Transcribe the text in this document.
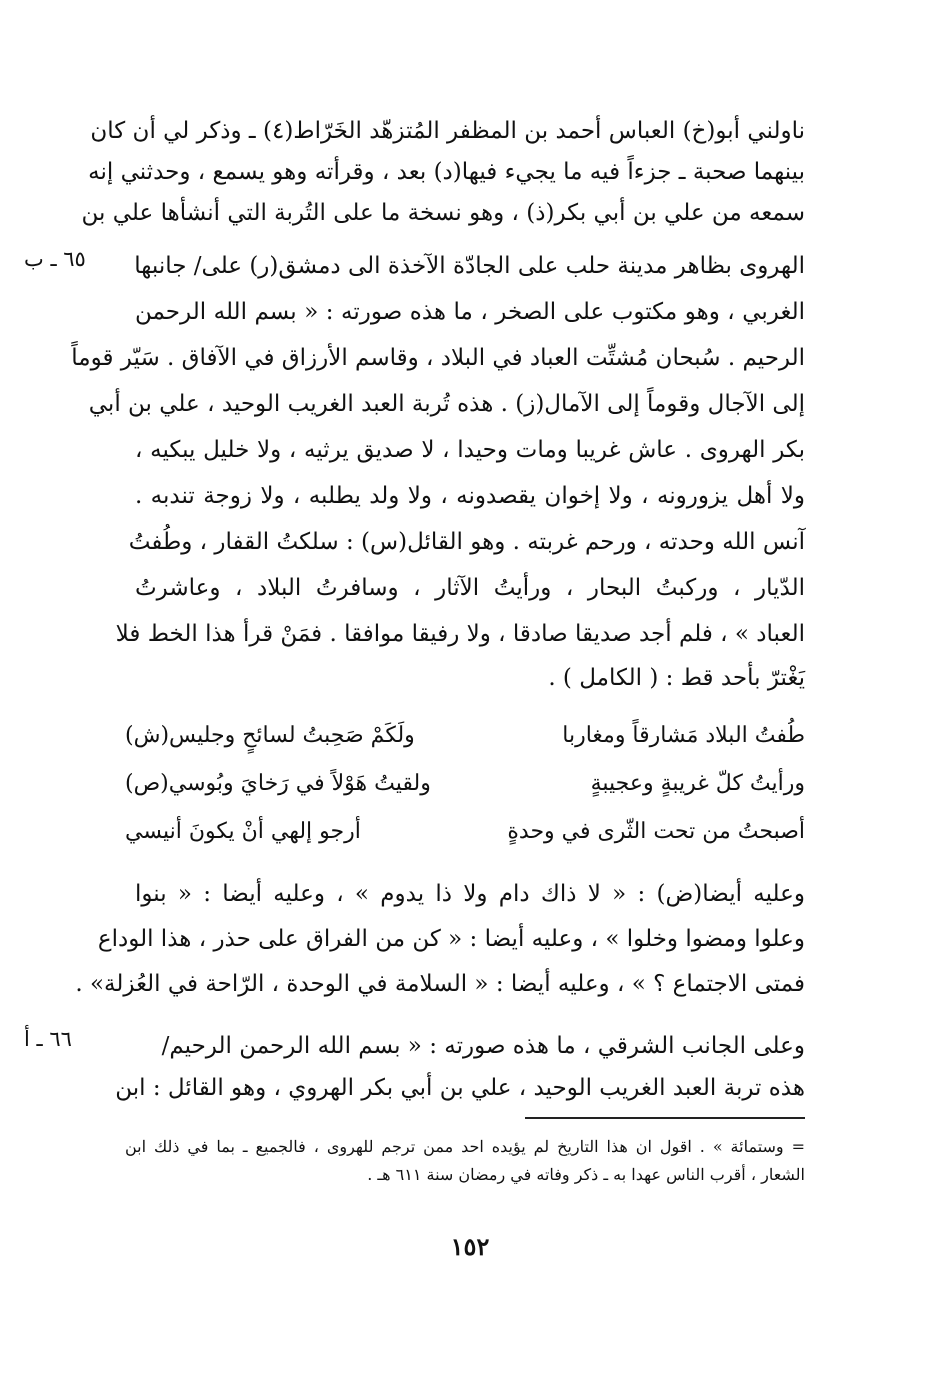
ناولني أبو(خ) العباس أحمد بن المظفر المُتزهّد الخَرّاط(٤) ـ وذكر لي أن كان
بينهما صحبة ـ جزءاً فيه ما يجيء فيها(د) بعد ، وقرأته وهو يسمع ، وحدثني إنه
سمعه من علي بن أبي بكر(ذ) ، وهو نسخة ما على التُربة التي أنشأها علي بن
الهروى بظاهر مدينة حلب على الجادّة الآخذة الى دمشق(ر) على/ جانبها
الغربي ، وهو مكتوب على الصخر ، ما هذه صورته : « بسم الله الرحمن
الرحيم . سُبحان مُشتِّت العباد في البلاد ، وقاسم الأرزاق في الآفاق . سَيّر قوماً
إلى الآجال وقوماً إلى الآمال(ز) . هذه تُربة العبد الغريب الوحيد ، علي بن أبي
بكر الهروى . عاش غريبا ومات وحيدا ، لا صديق يرثيه ، ولا خليل يبكيه ،
ولا أهل يزورونه ، ولا إخوان يقصدونه ، ولا ولد يطلبه ، ولا زوجة تندبه .
آنس الله وحدته ، ورحم غربته . وهو القائل(س) : سلكتُ القفار ، وطُفتُ
الدّيار ، وركبتُ البحار ، ورأيتُ الآثار ، وسافرتُ البلاد ، وعاشرتُ
العباد » ، فلم أجد صديقا صادقا ، ولا رفيقا موافقا . فمَنْ قرأ هذا الخط فلا
يَغْترّ بأحد قط : ( الكامل ) .
٦٥ ـ ب
طُفتُ البلاد مَشارقاً ومغاربا
ولَكَمْ صَحِبتُ لسائحٍ وجليس(ش)
ورأيتُ كلّ غريبةٍ وعجيبةٍ
ولقيتُ هَوْلاً في رَخايَ وبُوسي(ص)
أصبحتُ من تحت الثّرى في وحدةٍ
أرجو إلهي أنْ يكونَ أنيسي
وعليه أيضا(ض) : « لا ذاك دام ولا ذا يدوم » ، وعليه أيضا : « بنوا
وعلوا ومضوا وخلوا » ، وعليه أيضا : « كن من الفراق على حذر ، هذا الوداع
فمتى الاجتماع ؟ » ، وعليه أيضا : « السلامة في الوحدة ، الرّاحة في العُزلة» .
وعلى الجانب الشرقي ، ما هذه صورته : « بسم الله الرحمن الرحيم/
هذه تربة العبد الغريب الوحيد ، علي بن أبي بكر الهروي ، وهو القائل : ابن
٦٦ ـ أ
= وستمائة » . اقول ان هذا التاريخ لم يؤيده احد ممن ترجم للهروى ، فالجميع ـ بما في ذلك ابن
الشعار ، أقرب الناس عهدا به ـ ذكر وفاته في رمضان سنة ٦١١ هـ .
١٥٢
